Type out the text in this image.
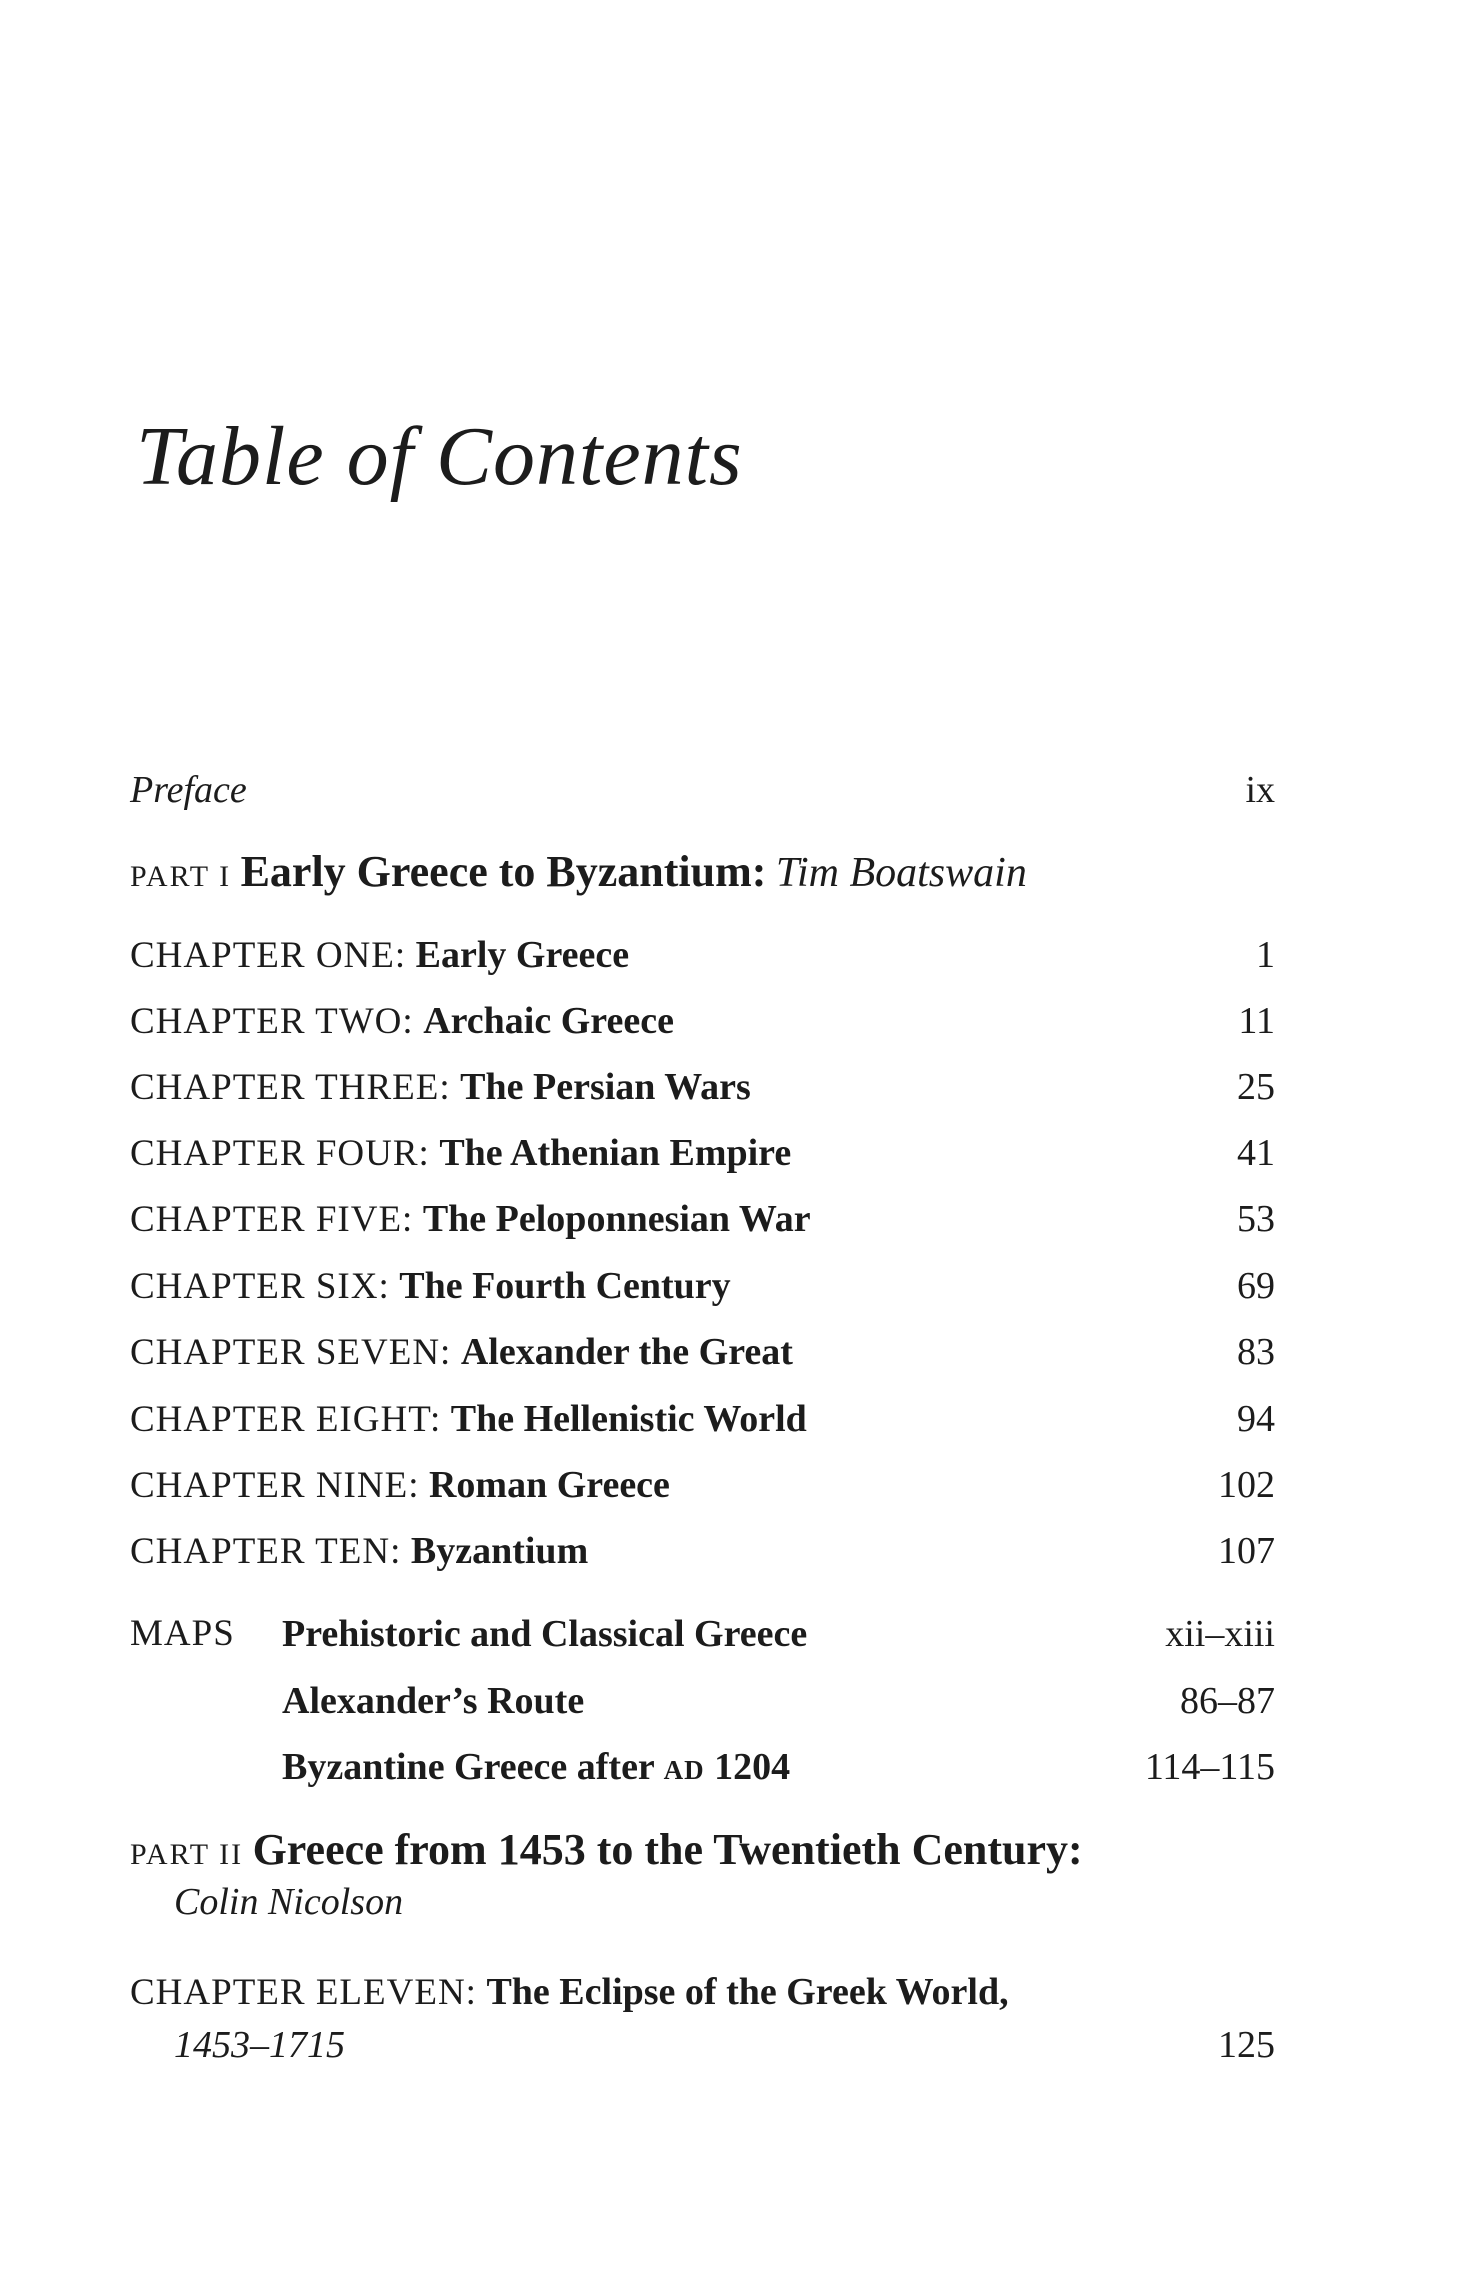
Table of Contents
Preface	ix
PART I Early Greece to Byzantium: Tim Boatswain
CHAPTER ONE: Early Greece	1
CHAPTER TWO: Archaic Greece	11
CHAPTER THREE: The Persian Wars	25
CHAPTER FOUR: The Athenian Empire	41
CHAPTER FIVE: The Peloponnesian War	53
CHAPTER SIX: The Fourth Century	69
CHAPTER SEVEN: Alexander the Great	83
CHAPTER EIGHT: The Hellenistic World	94
CHAPTER NINE: Roman Greece	102
CHAPTER TEN: Byzantium	107
MAPS Prehistoric and Classical Greece	xii–xiii
Alexander’s Route	86–87
Byzantine Greece after AD 1204	114–115
PART II Greece from 1453 to the Twentieth Century:
Colin Nicolson
CHAPTER ELEVEN: The Eclipse of the Greek World,
1453–1715	125
